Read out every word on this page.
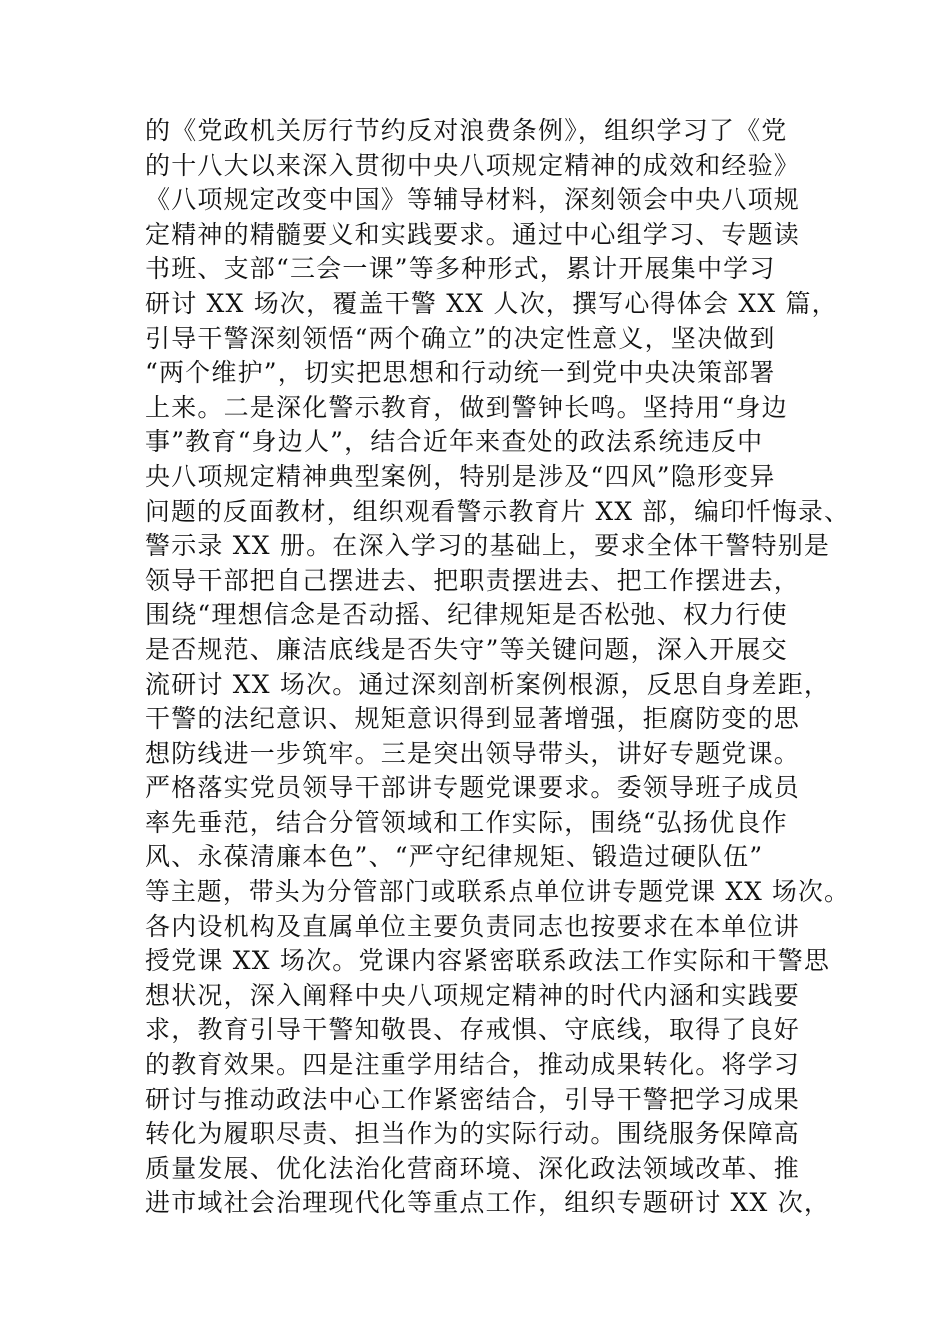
的《党政机关厉行节约反对浪费条例》，组织学习了《党
的十八大以来深入贯彻中央八项规定精神的成效和经验》
《八项规定改变中国》等辅导材料，深刻领会中央八项规
定精神的精髓要义和实践要求。通过中心组学习、专题读
书班、支部“三会一课”等多种形式，累计开展集中学习
研讨 XX 场次，覆盖干警 XX 人次，撰写心得体会 XX 篇，
引导干警深刻领悟“两个确立”的决定性意义，坚决做到
“两个维护”，切实把思想和行动统一到党中央决策部署
上来。二是深化警示教育，做到警钟长鸣。坚持用“身边
事”教育“身边人”，结合近年来查处的政法系统违反中
央八项规定精神典型案例，特别是涉及“四风”隐形变异
问题的反面教材，组织观看警示教育片 XX 部，编印忏悔录、
警示录 XX 册。在深入学习的基础上，要求全体干警特别是
领导干部把自己摆进去、把职责摆进去、把工作摆进去，
围绕“理想信念是否动摇、纪律规矩是否松弛、权力行使
是否规范、廉洁底线是否失守”等关键问题，深入开展交
流研讨 XX 场次。通过深刻剖析案例根源，反思自身差距，
干警的法纪意识、规矩意识得到显著增强，拒腐防变的思
想防线进一步筑牢。三是突出领导带头，讲好专题党课。
严格落实党员领导干部讲专题党课要求。委领导班子成员
率先垂范，结合分管领域和工作实际，围绕“弘扬优良作
风、永葆清廉本色”、“严守纪律规矩、锻造过硬队伍”
等主题，带头为分管部门或联系点单位讲专题党课 XX 场次。
各内设机构及直属单位主要负责同志也按要求在本单位讲
授党课 XX 场次。党课内容紧密联系政法工作实际和干警思
想状况，深入阐释中央八项规定精神的时代内涵和实践要
求，教育引导干警知敬畏、存戒惧、守底线，取得了良好
的教育效果。四是注重学用结合，推动成果转化。将学习
研讨与推动政法中心工作紧密结合，引导干警把学习成果
转化为履职尽责、担当作为的实际行动。围绕服务保障高
质量发展、优化法治化营商环境、深化政法领域改革、推
进市域社会治理现代化等重点工作，组织专题研讨 XX 次，
